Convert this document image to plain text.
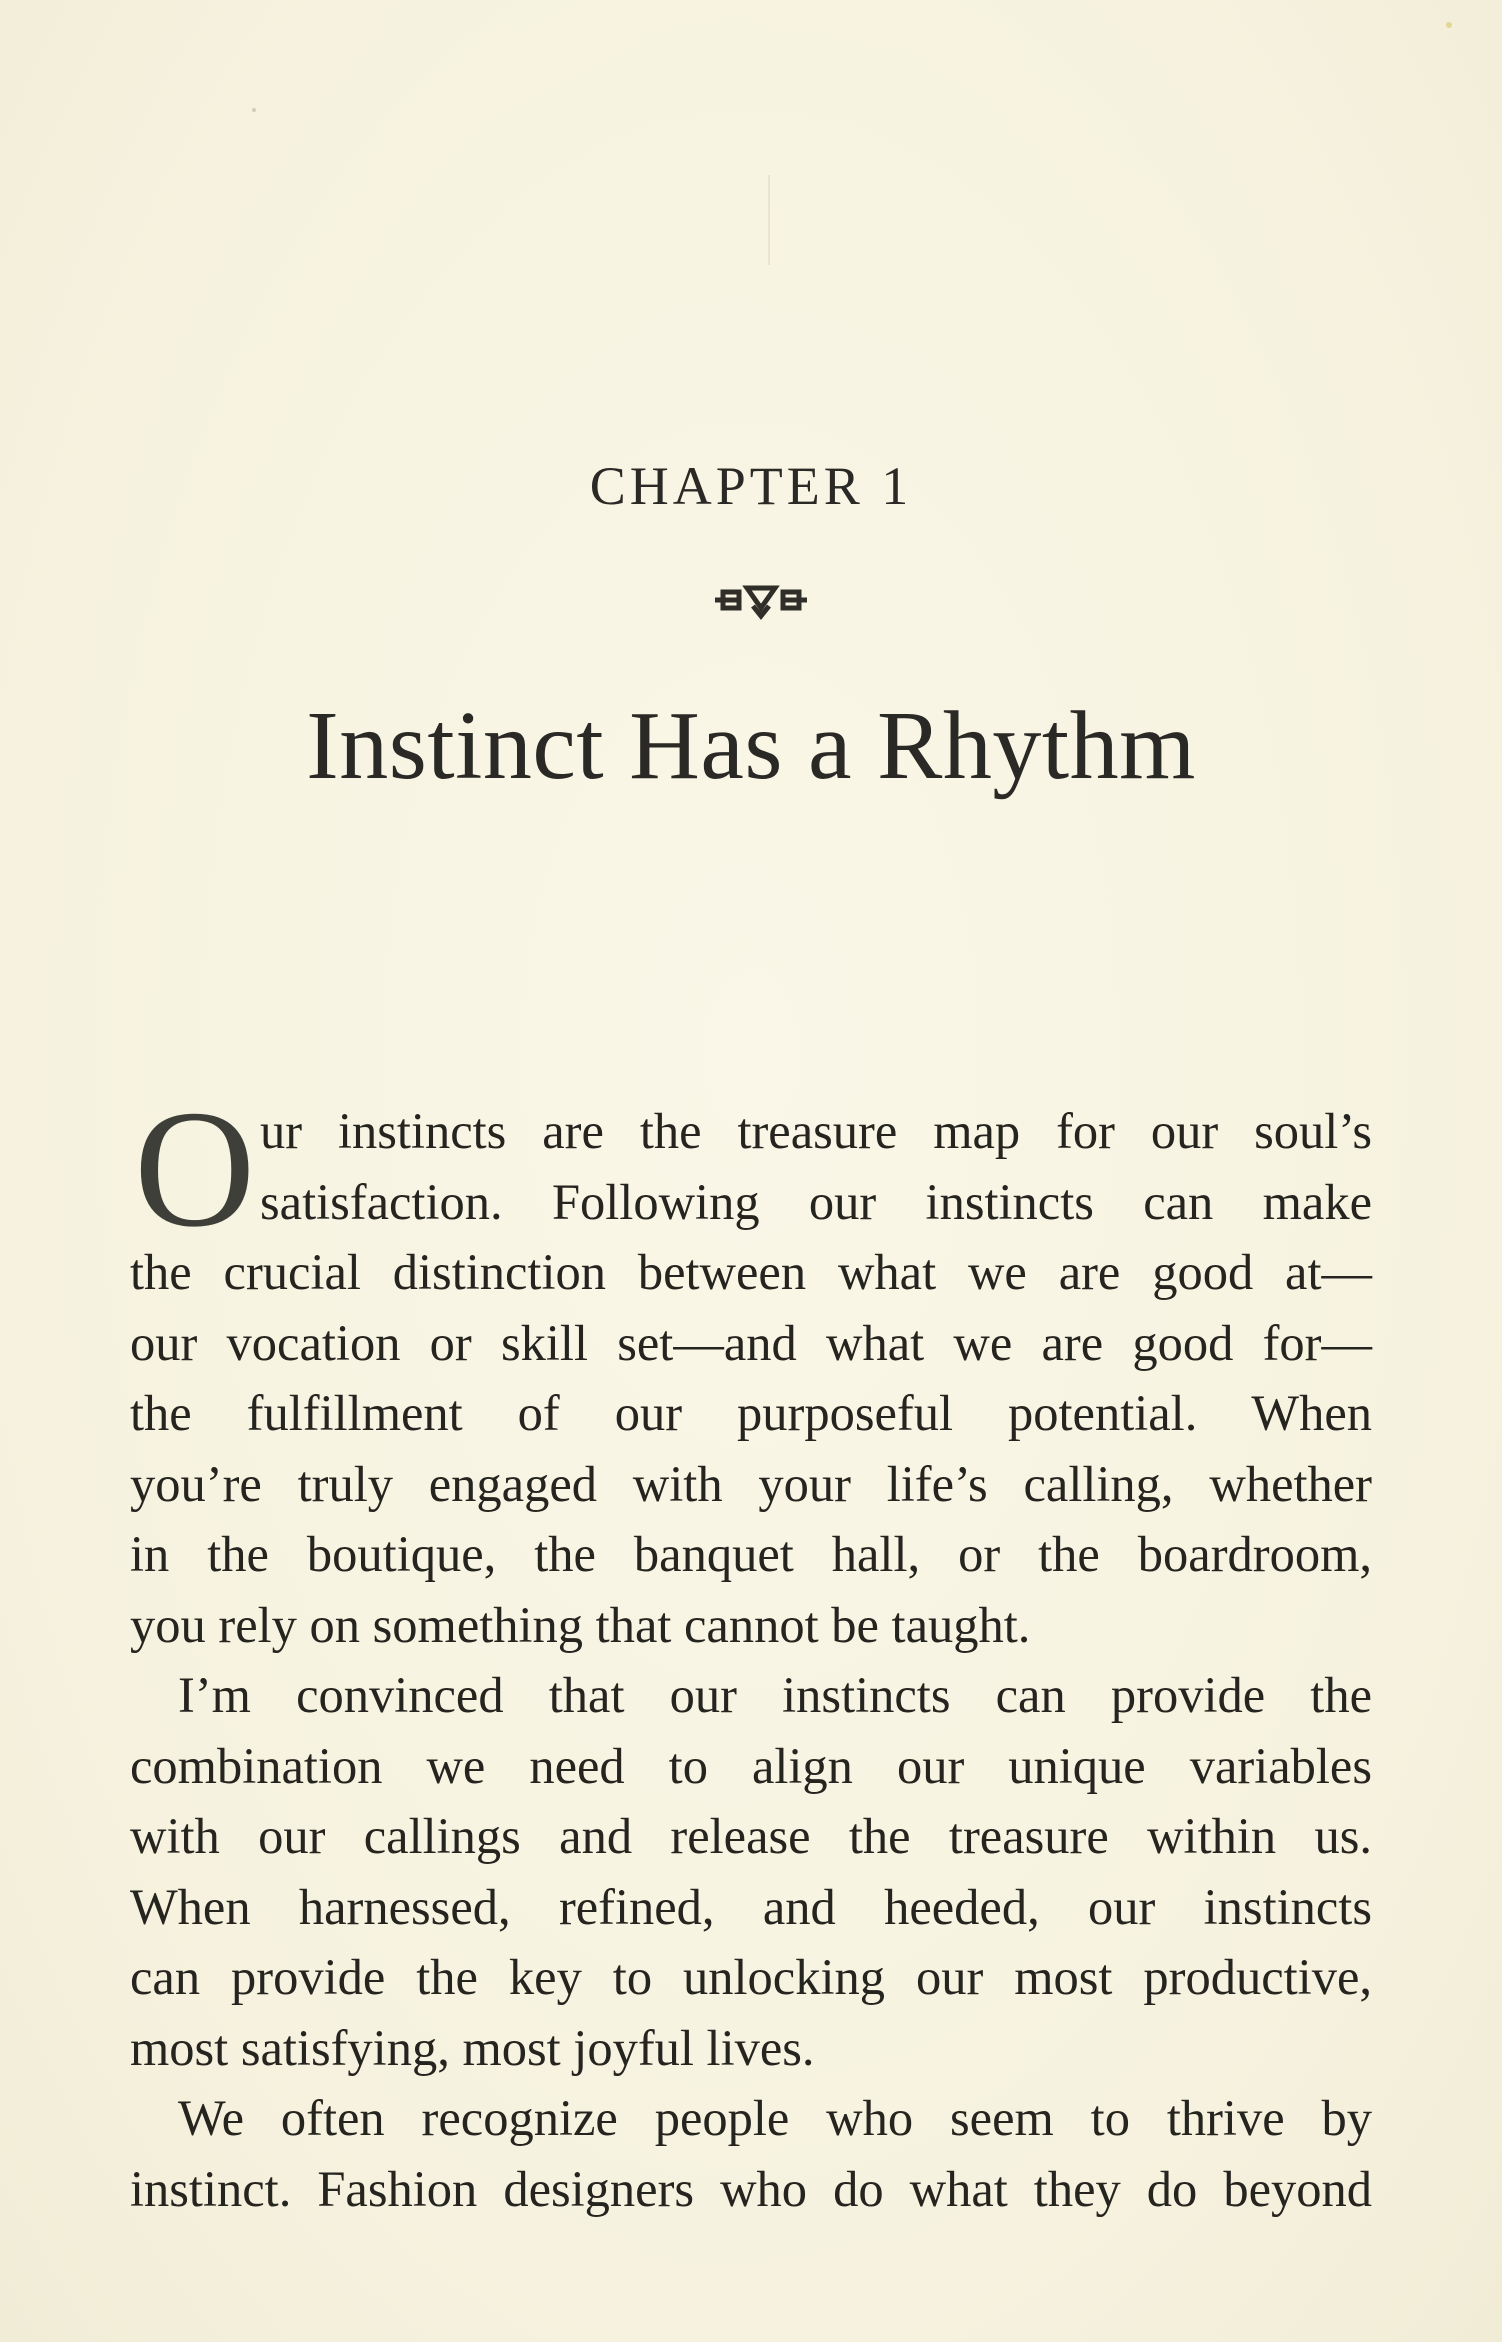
CHAPTER 1
Instinct Has a Rhythm
O ur instincts are the treasure map for our soul’s
satisfaction. Following our instincts can make
the crucial distinction between what we are good at—
our vocation or skill set—and what we are good for—
the fulfillment of our purposeful potential. When
you’re truly engaged with your life’s calling, whether
in the boutique, the banquet hall, or the boardroom,
you rely on something that cannot be taught.
I’m convinced that our instincts can provide the
combination we need to align our unique variables
with our callings and release the treasure within us.
When harnessed, refined, and heeded, our instincts
can provide the key to unlocking our most productive,
most satisfying, most joyful lives.
We often recognize people who seem to thrive by
instinct. Fashion designers who do what they do beyond
